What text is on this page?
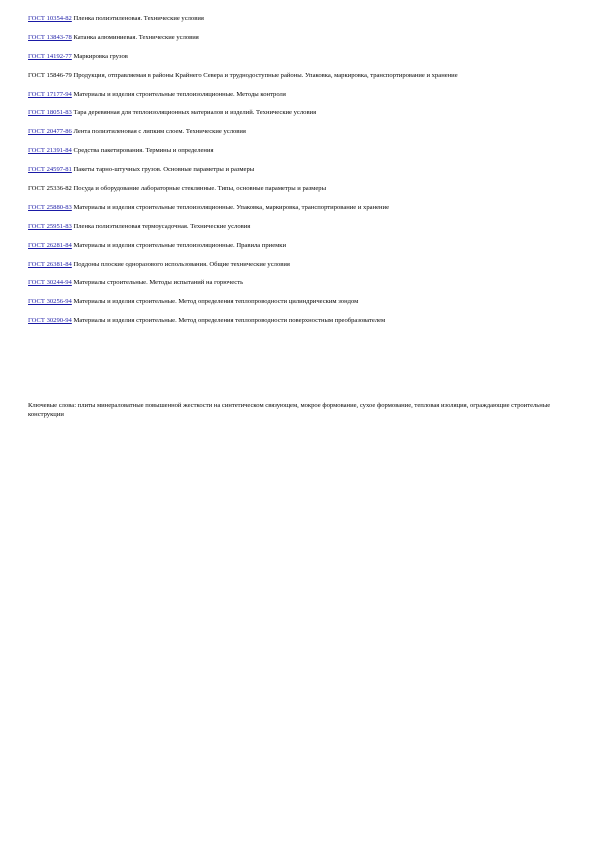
ГОСТ 10354-82 Пленка полиэтиленовая. Технические условия
ГОСТ 13843-78 Катанка алюминиевая. Технические условия
ГОСТ 14192-77 Маркировка грузов
ГОСТ 15846-79 Продукция, отправляемая в районы Крайнего Севера и труднодоступные районы. Упаковка, маркировка, транспортирование и хранение
ГОСТ 17177-94 Материалы и изделия строительные теплоизоляционные. Методы контроля
ГОСТ 18051-83 Тара деревянная для теплоизоляционных материалов и изделий. Технические условия
ГОСТ 20477-86 Лента полиэтиленовая с липким слоем. Технические условия
ГОСТ 21391-84 Средства пакетирования. Термины и определения
ГОСТ 24597-81 Пакеты тарно-штучных грузов. Основные параметры и размеры
ГОСТ 25336-82 Посуда и оборудование лабораторные стеклянные. Типы, основные параметры и размеры
ГОСТ 25880-83 Материалы и изделия строительные теплоизоляционные. Упаковка, маркировка, транспортирование и хранение
ГОСТ 25951-83 Пленка полиэтиленовая термоусадочная. Технические условия
ГОСТ 26281-84 Материалы и изделия строительные теплоизоляционные. Правила приемки
ГОСТ 26381-84 Поддоны плоские одноразового использования. Общие технические условия
ГОСТ 30244-94 Материалы строительные. Методы испытаний на горючесть
ГОСТ 30256-94 Материалы и изделия строительные. Метод определения теплопроводности цилиндрическим зондом
ГОСТ 30290-94 Материалы и изделия строительные. Метод определения теплопроводности поверхностным преобразователем
Ключевые слова: плиты минераловатные повышенной жесткости на синтетическом связующем, мокрое формование, сухое формование, тепловая изоляция, ограждающие строительные конструкции
